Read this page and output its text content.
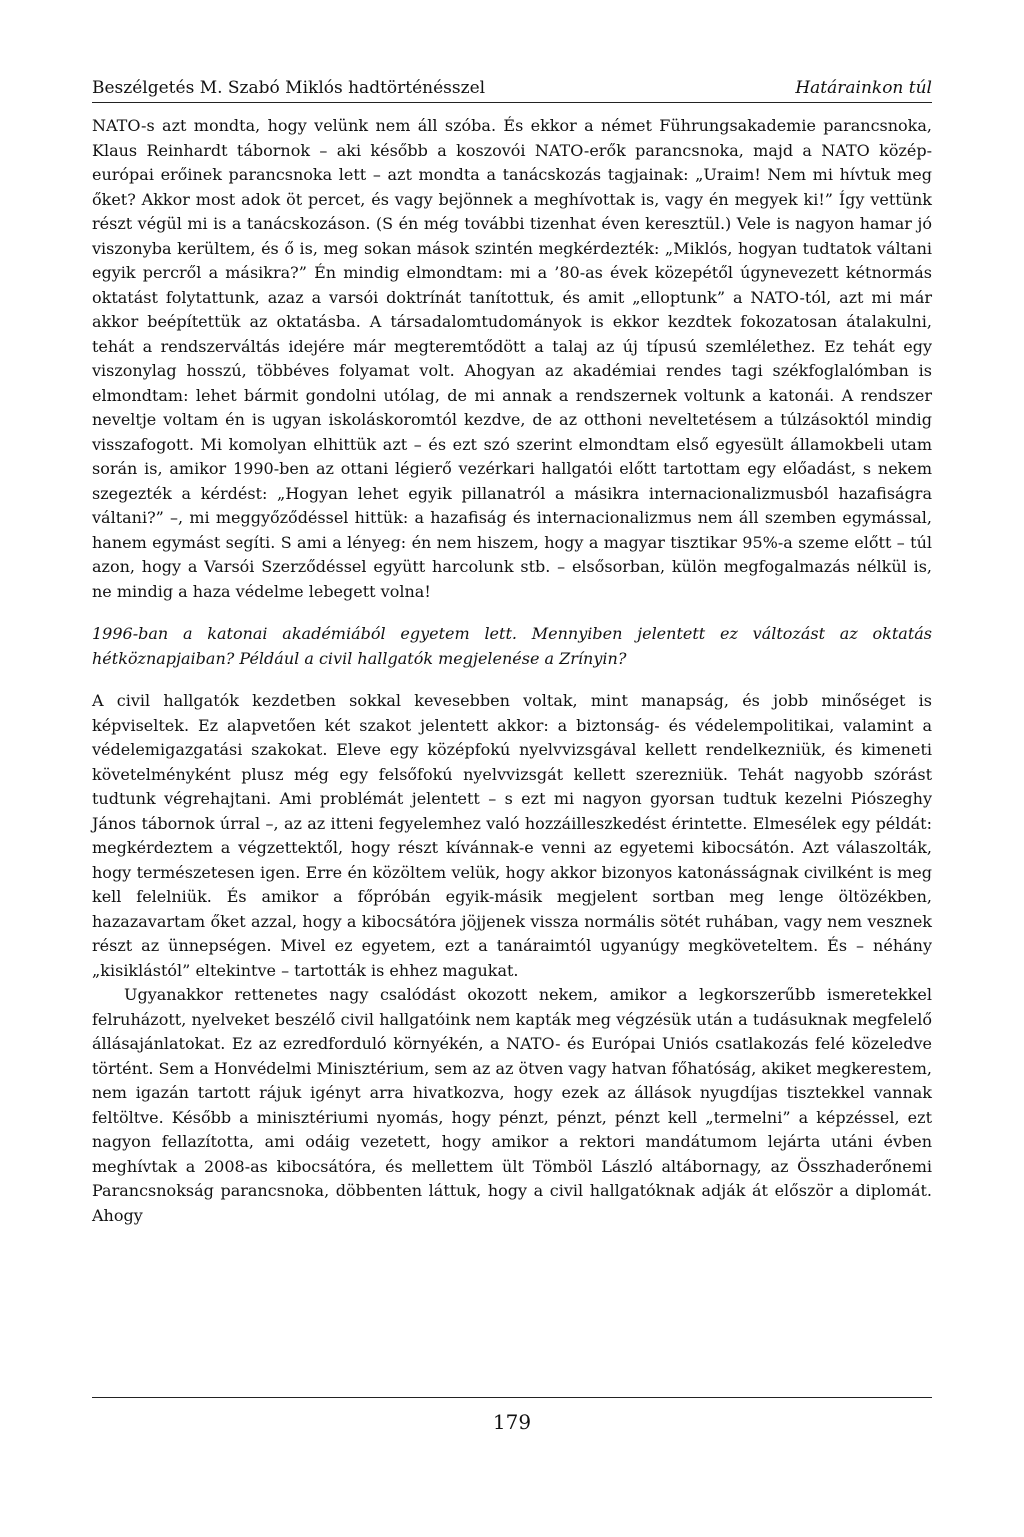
Beszélgetés M. Szabó Miklós hadtörténésszel	Határainkon túl

NATO-s azt mondta, hogy velünk nem áll szóba. És ekkor a német Führungsakademie parancsnoka, Klaus Reinhardt tábornok – aki később a koszovói NATO-erők parancsnoka, majd a NATO közép-európai erőinek parancsnoka lett – azt mondta a tanácskozás tagjainak: „Uraim! Nem mi hívtuk meg őket? Akkor most adok öt percet, és vagy bejönnek a meghívottak is, vagy én megyek ki!” Így vettünk részt végül mi is a tanácskozáson. (S én még további tizenhat éven keresztül.) Vele is nagyon hamar jó viszonyba kerültem, és ő is, meg sokan mások szintén megkérdezték: „Miklós, hogyan tudtatok váltani egyik percről a másikra?” Én mindig elmondtam: mi a ’80-as évek közepétől úgynevezett kétnormás oktatást folytattunk, azaz a varsói doktrínát tanítottuk, és amit „elloptunk” a NATO-tól, azt mi már akkor beépítettük az oktatásba. A társadalomtudományok is ekkor kezdtek fokozatosan átalakulni, tehát a rendszerváltás idejére már megteremtődött a talaj az új típusú szemlélethez. Ez tehát egy viszonylag hosszú, többéves folyamat volt. Ahogyan az akadémiai rendes tagi székfoglalómban is elmondtam: lehet bármit gondolni utólag, de mi annak a rendszernek voltunk a katonái. A rendszer neveltje voltam én is ugyan iskoláskoromtól kezdve, de az otthoni neveltetésem a túlzásoktól mindig visszafogott. Mi komolyan elhittük azt – és ezt szó szerint elmondtam első egyesült államokbeli utam során is, amikor 1990-ben az ottani légierő vezérkari hallgatói előtt tartottam egy előadást, s nekem szegezték a kérdést: „Hogyan lehet egyik pillanatról a másikra internacionalizmusból hazafiságra váltani?” –, mi meggyőződéssel hittük: a hazafiság és internacionalizmus nem áll szemben egymással, hanem egymást segíti. S ami a lényeg: én nem hiszem, hogy a magyar tisztikar 95%-a szeme előtt – túl azon, hogy a Varsói Szerződéssel együtt harcolunk stb. – elsősorban, külön megfogalmazás nélkül is, ne mindig a haza védelme lebegett volna!

1996-ban a katonai akadémiából egyetem lett. Mennyiben jelentett ez változást az oktatás hétköznapjaiban? Például a civil hallgatók megjelenése a Zrínyin?

A civil hallgatók kezdetben sokkal kevesebben voltak, mint manapság, és jobb minőséget is képviseltek. Ez alapvetően két szakot jelentett akkor: a biztonság- és védelempolitikai, valamint a védelemigazgatási szakokat. Eleve egy középfokú nyelvvizsgával kellett rendelkezniük, és kimeneti követelményként plusz még egy felsőfokú nyelvvizsgát kellett szerezniük. Tehát nagyobb szórást tudtunk végrehajtani. Ami problémát jelentett – s ezt mi nagyon gyorsan tudtuk kezelni Piószeghy János tábornok úrral –, az az itteni fegyelemhez való hozzáilleszkedést érintette. Elmesélek egy példát: megkérdeztem a végzettektől, hogy részt kívánnak-e venni az egyetemi kibocsátón. Azt válaszolták, hogy természetesen igen. Erre én közöltem velük, hogy akkor bizonyos katonásságnak civilként is meg kell felelniük. És amikor a főpróbán egyik-másik megjelent sortban meg lenge öltözékben, hazazavartam őket azzal, hogy a kibocsátóra jöjjenek vissza normális sötét ruhában, vagy nem vesznek részt az ünnepségen. Mivel ez egyetem, ezt a tanáraimtól ugyanúgy megköveteltem. És – néhány „kisiklástól” eltekintve – tartották is ehhez magukat.

Ugyanakkor rettenetes nagy csalódást okozott nekem, amikor a legkorszerűbb ismeretekkel felruházott, nyelveket beszélő civil hallgatóink nem kapták meg végzésük után a tudásuknak megfelelő állásajánlatokat. Ez az ezredforduló környékén, a NATO- és Európai Uniós csatlakozás felé közeledve történt. Sem a Honvédelmi Minisztérium, sem az az ötven vagy hatvan főhatóság, akiket megkerestem, nem igazán tartott rájuk igényt arra hivatkozva, hogy ezek az állások nyugdíjas tisztekkel vannak feltöltve. Később a minisztériumi nyomás, hogy pénzt, pénzt, pénzt kell „termelni” a képzéssel, ezt nagyon fellazította, ami odáig vezetett, hogy amikor a rektori mandátumom lejárta utáni évben meghívtak a 2008-as kibocsátóra, és mellettem ült Tömböl László altábornagy, az Összhaderőnemi Parancsnokság parancsnoka, döbbenten láttuk, hogy a civil hallgatóknak adják át először a diplomát. Ahogy

179
